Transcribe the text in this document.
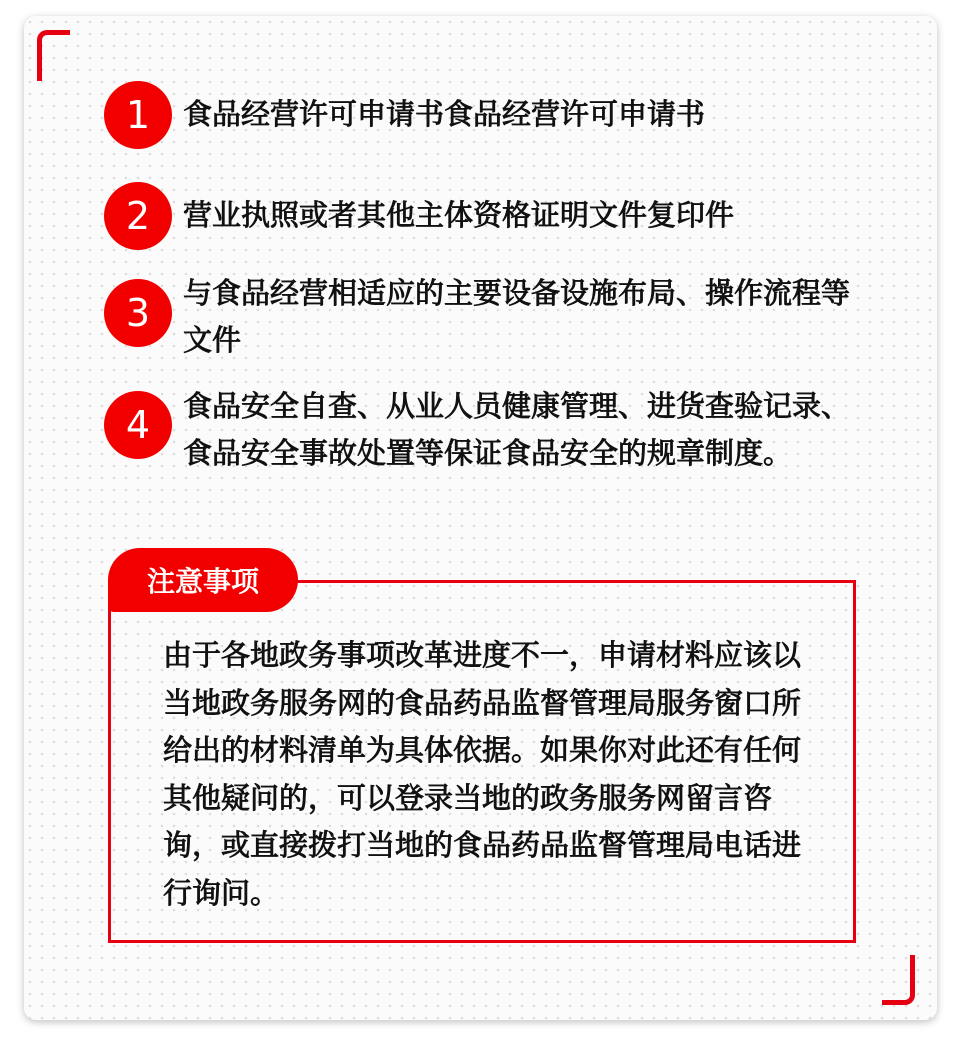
1	食品经营许可申请书食品经营许可申请书
2	营业执照或者其他主体资格证明文件复印件
3	与食品经营相适应的主要设备设施布局、操作流程等文件
4	食品安全自查、从业人员健康管理、进货查验记录、食品安全事故处置等保证食品安全的规章制度。
注意事项
由于各地政务事项改革进度不一，申请材料应该以当地政务服务网的食品药品监督管理局服务窗口所给出的材料清单为具体依据。如果你对此还有任何其他疑问的，可以登录当地的政务服务网留言咨询，或直接拨打当地的食品药品监督管理局电话进行询问。
